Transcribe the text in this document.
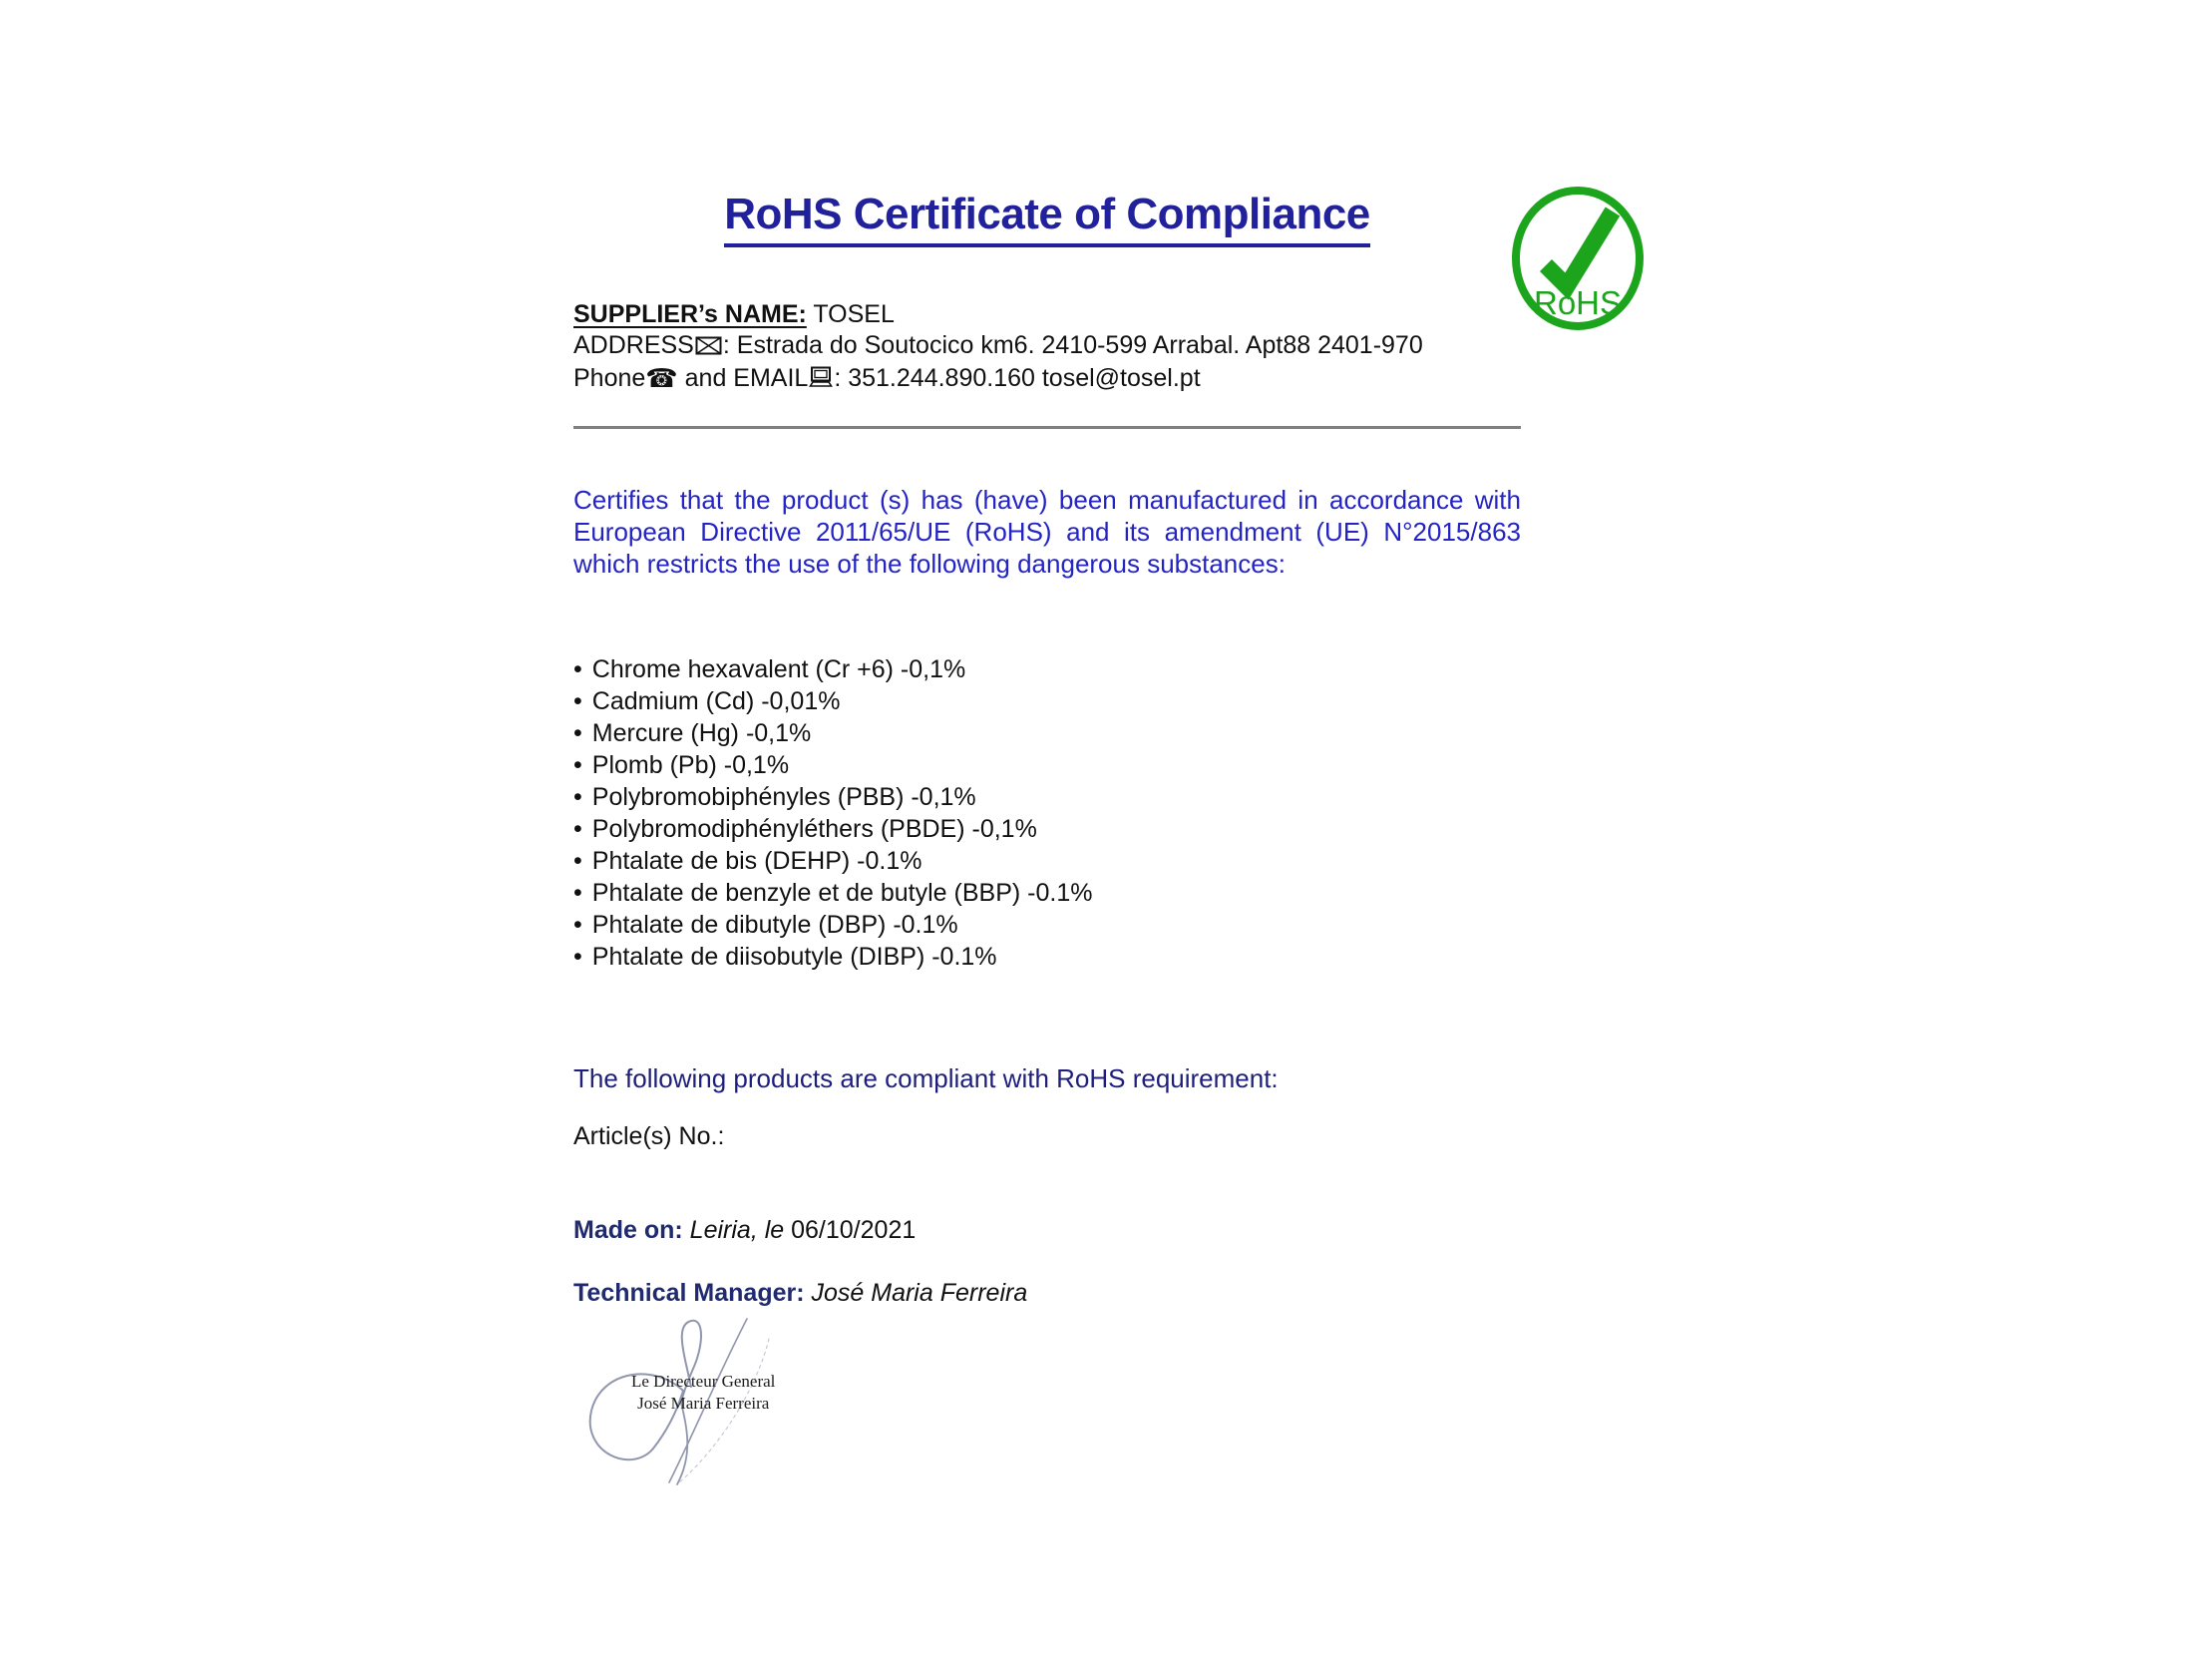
RoHS Certificate of Compliance
SUPPLIER’s NAME: TOSEL
ADDRESS : Estrada do Soutocico km6. 2410-599 Arrabal. Apt88 2401-970
Phone☎ and EMAIL : 351.244.890.160 tosel@tosel.pt

Certifies that the product (s) has (have) been manufactured in accordance with European Directive 2011/65/UE (RoHS) and its amendment (UE) N°2015/863 which restricts the use of the following dangerous substances:

• Chrome hexavalent (Cr +6) -0,1%
• Cadmium (Cd) -0,01%
• Mercure (Hg) -0,1%
• Plomb (Pb) -0,1%
• Polybromobiphényles (PBB) -0,1%
• Polybromodiphényléthers (PBDE) -0,1%
• Phtalate de bis (DEHP) -0.1%
• Phtalate de benzyle et de butyle (BBP) -0.1%
• Phtalate de dibutyle (DBP) -0.1%
• Phtalate de diisobutyle (DIBP) -0.1%

The following products are compliant with RoHS requirement:

Article(s) No.:

Made on: Leiria, le 06/10/2021

Technical Manager: José Maria Ferreira

Le Directeur General
José Maria Ferreira
RoHS
